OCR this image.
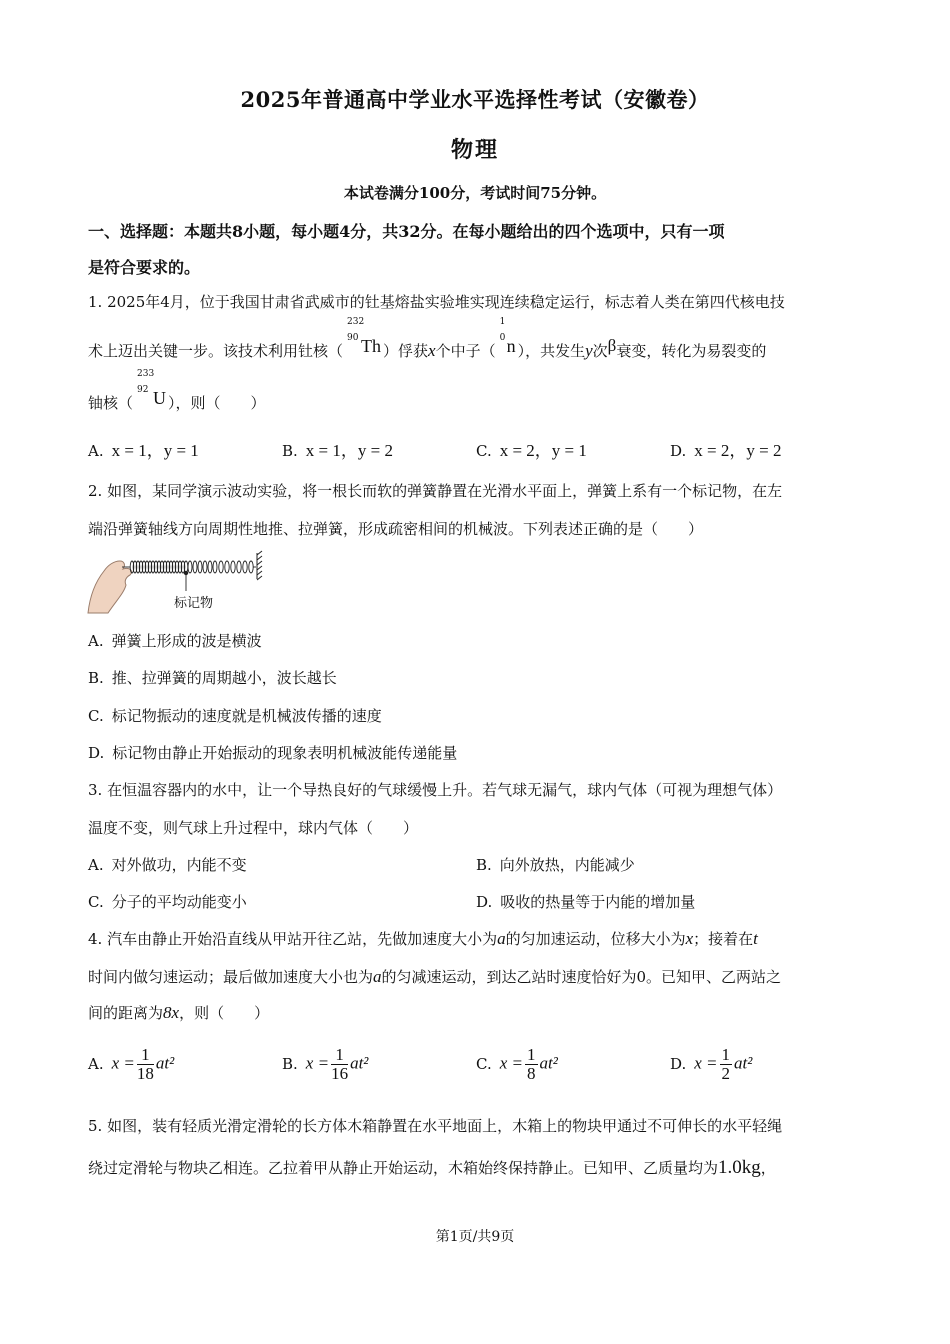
2025年普通高中学业水平选择性考试（安徽卷）
物理
本试卷满分100分，考试时间75分钟。
一、选择题：本题共8小题，每小题4分，共32分。在每小题给出的四个选项中，只有一项
是符合要求的。
1. 2025年4月，位于我国甘肃省武威市的钍基熔盐实验堆实现连续稳定运行，标志着人类在第四代核电技
术上迈出关键一步。该技术利用钍核（
232
90 Th ）俘获x个中子（
1
0 n ），共发生y次β衰变，转化为易裂变的
铀核（
233
92 U ），则（　　）
A. x = 1，y = 1	B. x = 1，y = 2	C. x = 2，y = 1	D. x = 2，y = 2
2. 如图，某同学演示波动实验，将一根长而软的弹簧静置在光滑水平面上，弹簧上系有一个标记物，在左
端沿弹簧轴线方向周期性地推、拉弹簧，形成疏密相间的机械波。下列表述正确的是（　　）
标记物
A. 弹簧上形成的波是横波
B. 推、拉弹簧的周期越小，波长越长
C. 标记物振动的速度就是机械波传播的速度
D. 标记物由静止开始振动的现象表明机械波能传递能量
3. 在恒温容器内的水中，让一个导热良好的气球缓慢上升。若气球无漏气，球内气体（可视为理想气体）
温度不变，则气球上升过程中，球内气体（　　）
A. 对外做功，内能不变	B. 向外放热，内能减少
C. 分子的平均动能变小	D. 吸收的热量等于内能的增加量
4. 汽车由静止开始沿直线从甲站开往乙站，先做加速度大小为a的匀加速运动，位移大小为x；接着在t
时间内做匀速运动；最后做加速度大小也为a的匀减速运动，到达乙站时速度恰好为0。已知甲、乙两站之
间的距离为8x，则（　　）
A. $x = \frac{1}{18} at^2$	B. $x = \frac{1}{16} at^2$	C. $x = \frac{1}{8} at^2$	D. $x = \frac{1}{2} at^2$
5. 如图，装有轻质光滑定滑轮的长方体木箱静置在水平地面上，木箱上的物块甲通过不可伸长的水平轻绳
绕过定滑轮与物块乙相连。乙拉着甲从静止开始运动，木箱始终保持静止。已知甲、乙质量均为1.0kg，
第1页/共9页
